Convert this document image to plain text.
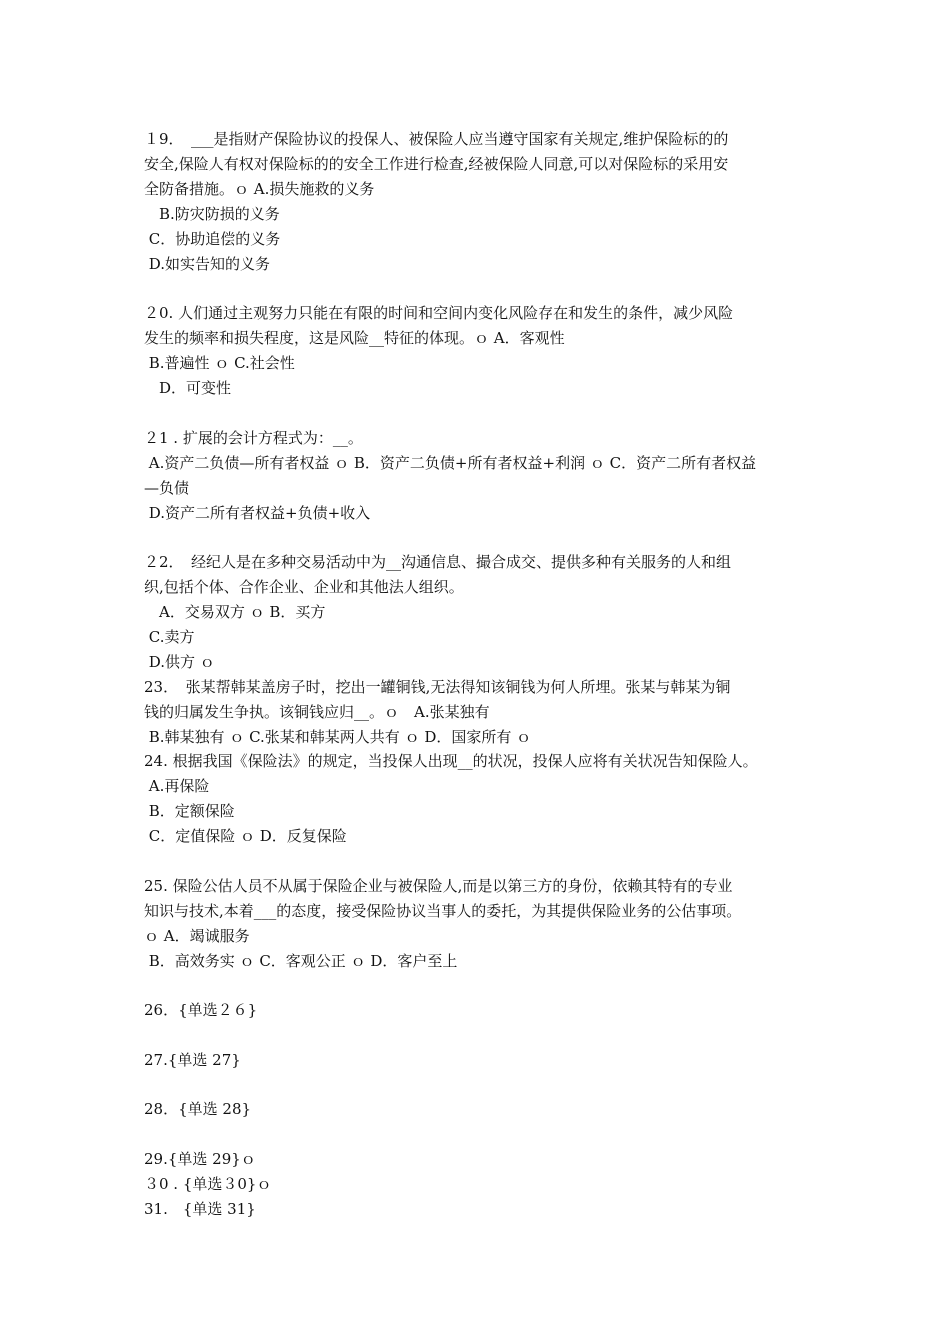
１9．　___是指财产保险协议的投保人、被保险人应当遵守国家有关规定,维护保险标的的
安全,保险人有权对保险标的的安全工作进行检查,经被保险人同意,可以对保险标的采用安
全防备措施。ｏ A.损失施救的义务
　B.防灾防损的义务
C．协助追偿的义务
D.如实告知的义务
２0. 人们通过主观努力只能在有限的时间和空间内变化风险存在和发生的条件，减少风险
发生的频率和损失程度，这是风险__特征的体现。ｏ A．客观性
B.普遍性 ｏ C.社会性
　D．可变性
２1 . 扩展的会计方程式为：__。
A.资产二负债—所有者权益 ｏ B．资产二负债+所有者权益+利润 ｏ C．资产二所有者权益
—负债
D.资产二所有者权益+负债+收入
２2．　经纪人是在多种交易活动中为__沟通信息、撮合成交、提供多种有关服务的人和组
织,包括个体、合作企业、企业和其他法人组织。
　A．交易双方 ｏ B．买方
C.卖方
D.供方 ｏ
23．　张某帮韩某盖房子时，挖出一罐铜钱,无法得知该铜钱为何人所埋。张某与韩某为铜
钱的归属发生争执。该铜钱应归__。ｏ　A.张某独有
B.韩某独有 ｏ C.张某和韩某两人共有 ｏ D．国家所有 ｏ
24. 根据我国《保险法》的规定，当投保人出现__的状况，投保人应将有关状况告知保险人。
A.再保险
B．定额保险
C．定值保险 ｏ D．反复保险
25. 保险公估人员不从属于保险企业与被保险人,而是以第三方的身份，依赖其特有的专业
知识与技术,本着___的态度，接受保险协议当事人的委托，为其提供保险业务的公估事项。
ｏ A．竭诚服务
B．高效务实 ｏ C．客观公正 ｏ D．客户至上
26．{单选２６}
27.{单选 27}
28．{单选 28}
29.{单选 29}ｏ
３0 . {单选３0}ｏ
31.　{单选 31}
